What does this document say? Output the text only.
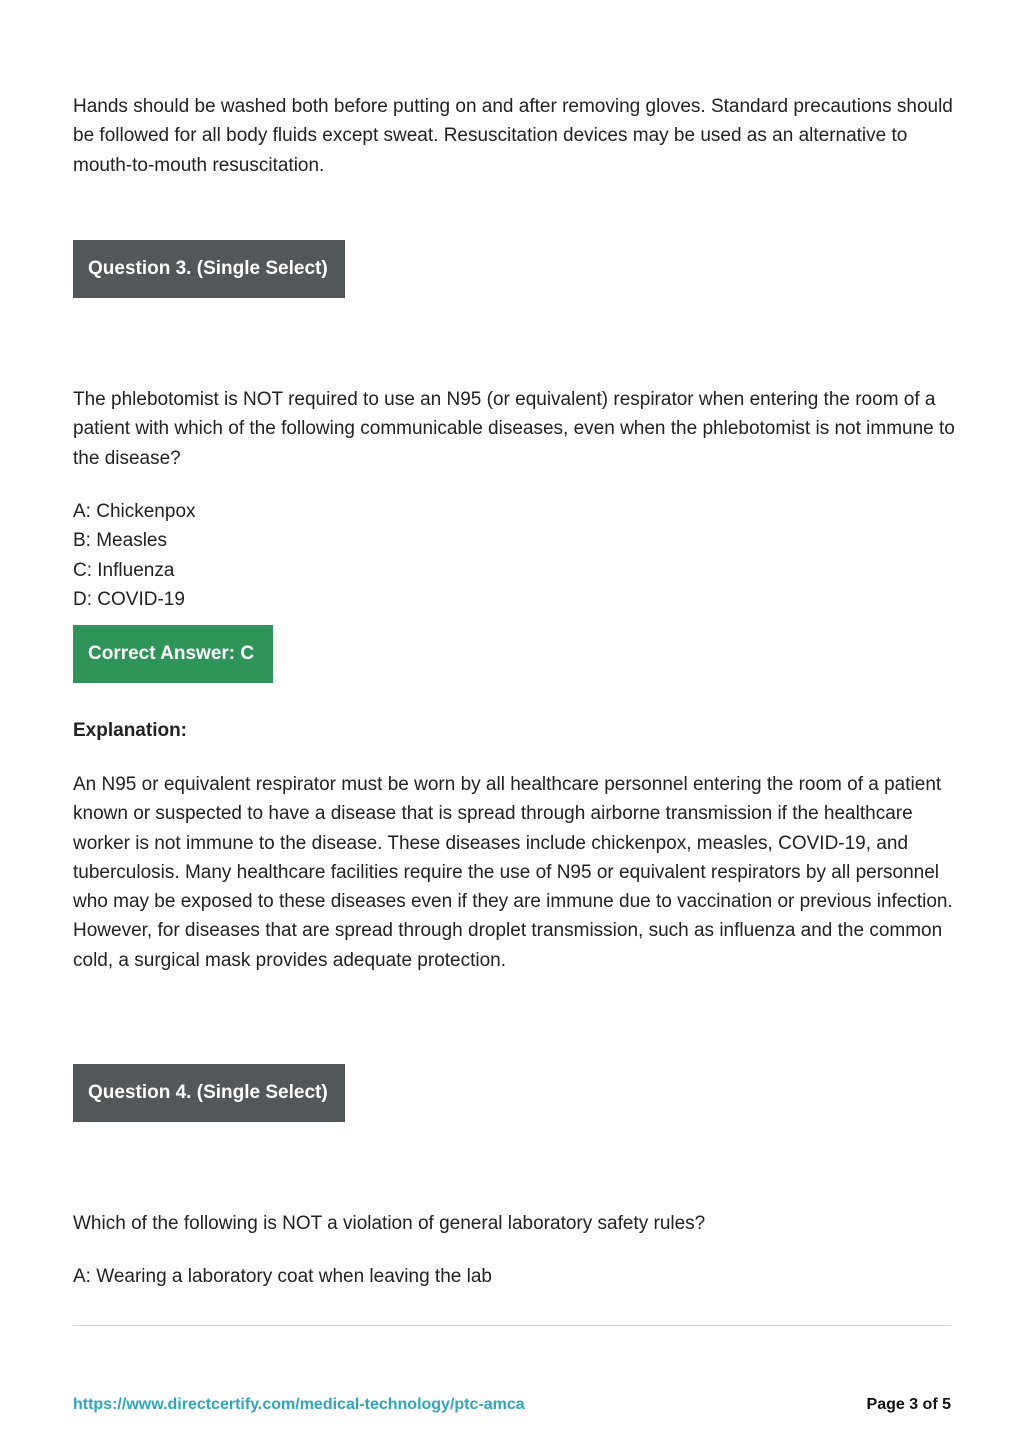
Hands should be washed both before putting on and after removing gloves. Standard precautions should be followed for all body fluids except sweat. Resuscitation devices may be used as an alternative to mouth-to-mouth resuscitation.

Question 3. (Single Select)

The phlebotomist is NOT required to use an N95 (or equivalent) respirator when entering the room of a patient with which of the following communicable diseases, even when the phlebotomist is not immune to the disease?

A: Chickenpox
B: Measles
C: Influenza
D: COVID-19
Correct Answer: C

Explanation:

An N95 or equivalent respirator must be worn by all healthcare personnel entering the room of a patient known or suspected to have a disease that is spread through airborne transmission if the healthcare worker is not immune to the disease. These diseases include chickenpox, measles, COVID-19, and tuberculosis. Many healthcare facilities require the use of N95 or equivalent respirators by all personnel who may be exposed to these diseases even if they are immune due to vaccination or previous infection. However, for diseases that are spread through droplet transmission, such as influenza and the common cold, a surgical mask provides adequate protection.

Question 4. (Single Select)

Which of the following is NOT a violation of general laboratory safety rules?

A: Wearing a laboratory coat when leaving the lab
https://www.directcertify.com/medical-technology/ptc-amca	Page 3 of 5
